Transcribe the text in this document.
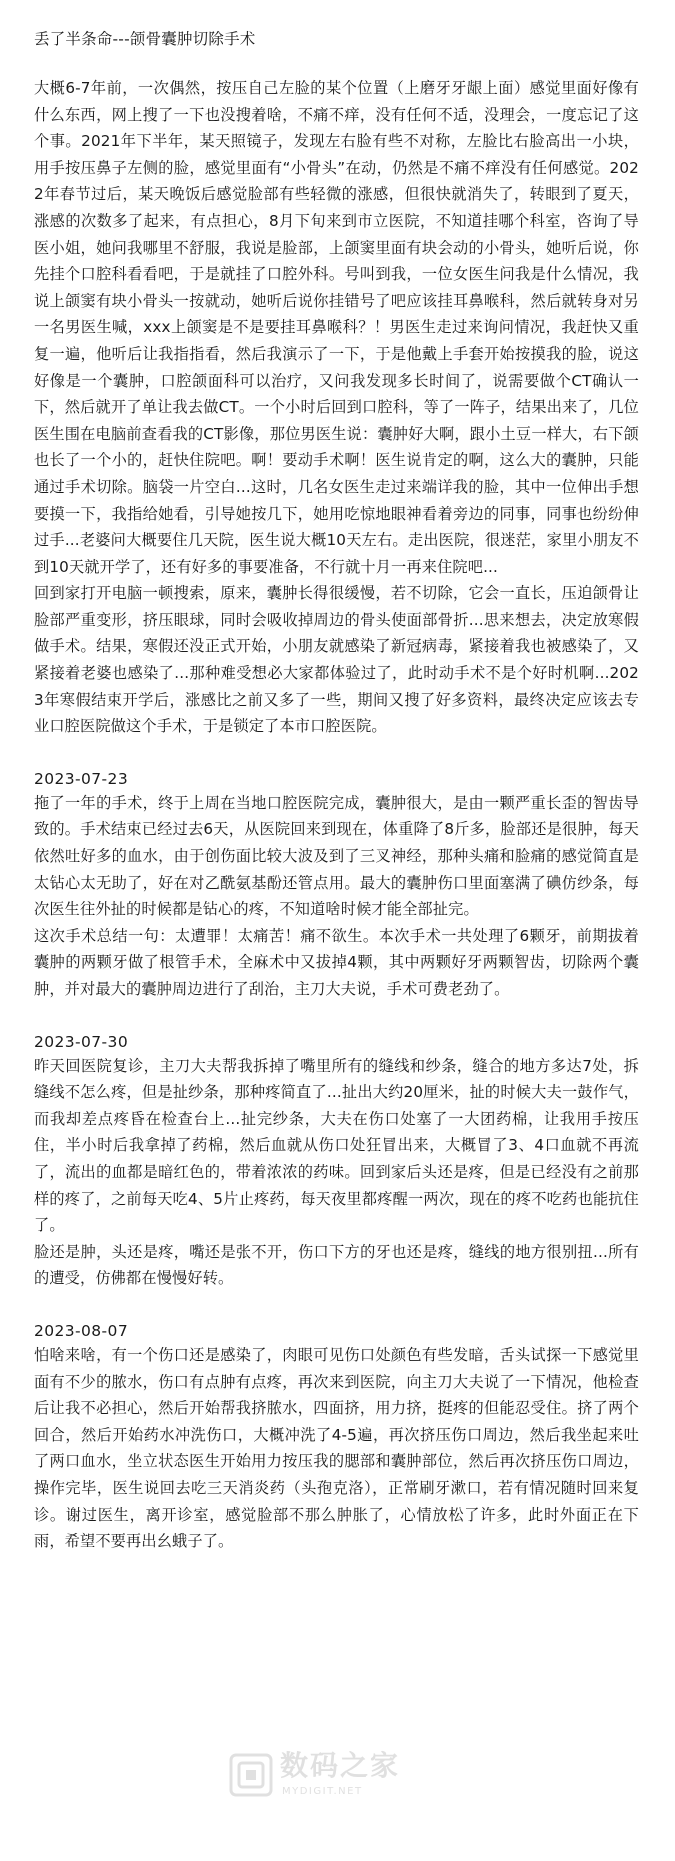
丢了半条命---颌骨囊肿切除手术

大概6-7年前，一次偶然，按压自己左脸的某个位置（上磨牙牙龈上面）感觉里面好像有什么东西，网上搜了一下也没搜着啥，不痛不痒，没有任何不适，没理会，一度忘记了这个事。2021年下半年，某天照镜子，发现左右脸有些不对称，左脸比右脸高出一小块，用手按压鼻子左侧的脸，感觉里面有“小骨头”在动，仍然是不痛不痒没有任何感觉。2022年春节过后，某天晚饭后感觉脸部有些轻微的涨感，但很快就消失了，转眼到了夏天，涨感的次数多了起来，有点担心，8月下旬来到市立医院，不知道挂哪个科室，咨询了导医小姐，她问我哪里不舒服，我说是脸部，上颌窦里面有块会动的小骨头，她听后说，你先挂个口腔科看看吧，于是就挂了口腔外科。号叫到我，一位女医生问我是什么情况，我说上颌窦有块小骨头一按就动，她听后说你挂错号了吧应该挂耳鼻喉科，然后就转身对另一名男医生喊，xxx上颌窦是不是要挂耳鼻喉科？！男医生走过来询问情况，我赶快又重复一遍，他听后让我指指看，然后我演示了一下，于是他戴上手套开始按摸我的脸，说这好像是一个囊肿，口腔颌面科可以治疗，又问我发现多长时间了，说需要做个CT确认一下，然后就开了单让我去做CT。一个小时后回到口腔科，等了一阵子，结果出来了，几位医生围在电脑前查看我的CT影像，那位男医生说：囊肿好大啊，跟小土豆一样大，右下颌也长了一个小的，赶快住院吧。啊！要动手术啊！医生说肯定的啊，这么大的囊肿，只能通过手术切除。脑袋一片空白...这时，几名女医生走过来端详我的脸，其中一位伸出手想要摸一下，我指给她看，引导她按几下，她用吃惊地眼神看着旁边的同事，同事也纷纷伸过手...老婆问大概要住几天院，医生说大概10天左右。走出医院，很迷茫，家里小朋友不到10天就开学了，还有好多的事要准备，不行就十月一再来住院吧...

回到家打开电脑一顿搜索，原来，囊肿长得很缓慢，若不切除，它会一直长，压迫颌骨让脸部严重变形，挤压眼球，同时会吸收掉周边的骨头使面部骨折...思来想去，决定放寒假做手术。结果，寒假还没正式开始，小朋友就感染了新冠病毒，紧接着我也被感染了，又紧接着老婆也感染了...那种难受想必大家都体验过了，此时动手术不是个好时机啊...2023年寒假结束开学后，涨感比之前又多了一些，期间又搜了好多资料，最终决定应该去专业口腔医院做这个手术，于是锁定了本市口腔医院。

2023-07-23

拖了一年的手术，终于上周在当地口腔医院完成，囊肿很大，是由一颗严重长歪的智齿导致的。手术结束已经过去6天，从医院回来到现在，体重降了8斤多，脸部还是很肿，每天依然吐好多的血水，由于创伤面比较大波及到了三叉神经，那种头痛和脸痛的感觉简直是太钻心太无助了，好在对乙酰氨基酚还管点用。最大的囊肿伤口里面塞满了碘仿纱条，每次医生往外扯的时候都是钻心的疼，不知道啥时候才能全部扯完。

这次手术总结一句：太遭罪！太痛苦！痛不欲生。本次手术一共处理了6颗牙，前期拔着囊肿的两颗牙做了根管手术，全麻术中又拔掉4颗，其中两颗好牙两颗智齿，切除两个囊肿，并对最大的囊肿周边进行了刮治，主刀大夫说，手术可费老劲了。

2023-07-30

昨天回医院复诊，主刀大夫帮我拆掉了嘴里所有的缝线和纱条，缝合的地方多达7处，拆缝线不怎么疼，但是扯纱条，那种疼简直了...扯出大约20厘米，扯的时候大夫一鼓作气，而我却差点疼昏在检查台上...扯完纱条，大夫在伤口处塞了一大团药棉，让我用手按压住，半小时后我拿掉了药棉，然后血就从伤口处狂冒出来，大概冒了3、4口血就不再流了，流出的血都是暗红色的，带着浓浓的药味。回到家后头还是疼，但是已经没有之前那样的疼了，之前每天吃4、5片止疼药，每天夜里都疼醒一两次，现在的疼不吃药也能抗住了。

脸还是肿，头还是疼，嘴还是张不开，伤口下方的牙也还是疼，缝线的地方很别扭...所有的遭受，仿佛都在慢慢好转。

2023-08-07

怕啥来啥，有一个伤口还是感染了，肉眼可见伤口处颜色有些发暗，舌头试探一下感觉里面有不少的脓水，伤口有点肿有点疼，再次来到医院，向主刀大夫说了一下情况，他检查后让我不必担心，然后开始帮我挤脓水，四面挤，用力挤，挺疼的但能忍受住。挤了两个回合，然后开始药水冲洗伤口，大概冲洗了4-5遍，再次挤压伤口周边，然后我坐起来吐了两口血水，坐立状态医生开始用力按压我的腮部和囊肿部位，然后再次挤压伤口周边，操作完毕，医生说回去吃三天消炎药（头孢克洛），正常刷牙漱口，若有情况随时回来复诊。谢过医生，离开诊室，感觉脸部不那么肿胀了，心情放松了许多，此时外面正在下雨，希望不要再出幺蛾子了。

数码之家
MYDIGIT.NET
